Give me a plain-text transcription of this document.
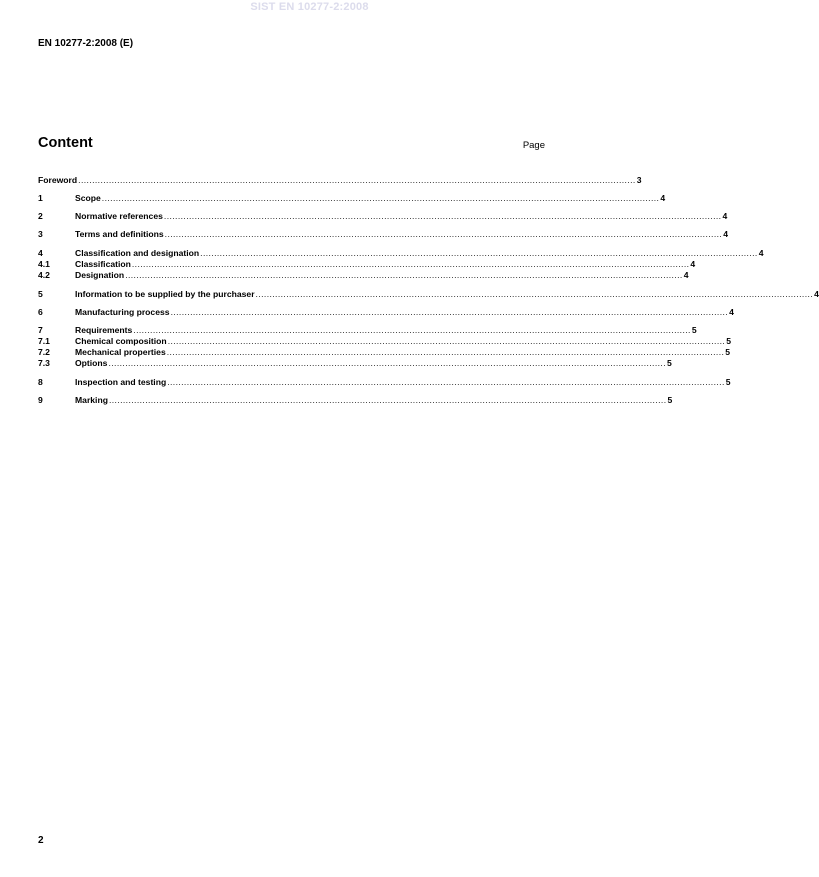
SIST EN 10277-2:2008
EN 10277-2:2008 (E)
Content	Page
Foreword ........................................................................................................................................................................................................ 3
1	Scope ........................................................................................................................................................................................................ 4
2	Normative references ........................................................................................................................................................................................................ 4
3	Terms and definitions ........................................................................................................................................................................................................ 4
4	Classification and designation ........................................................................................................................................................................................................ 4
4.1	Classification ........................................................................................................................................................................................................ 4
4.2	Designation ........................................................................................................................................................................................................ 4
5	Information to be supplied by the purchaser ........................................................................................................................................................................................................ 4
6	Manufacturing process ........................................................................................................................................................................................................ 4
7	Requirements ........................................................................................................................................................................................................ 5
7.1	Chemical composition ........................................................................................................................................................................................................ 5
7.2	Mechanical properties ........................................................................................................................................................................................................ 5
7.3	Options ........................................................................................................................................................................................................ 5
8	Inspection and testing ........................................................................................................................................................................................................ 5
9	Marking ........................................................................................................................................................................................................ 5
2
